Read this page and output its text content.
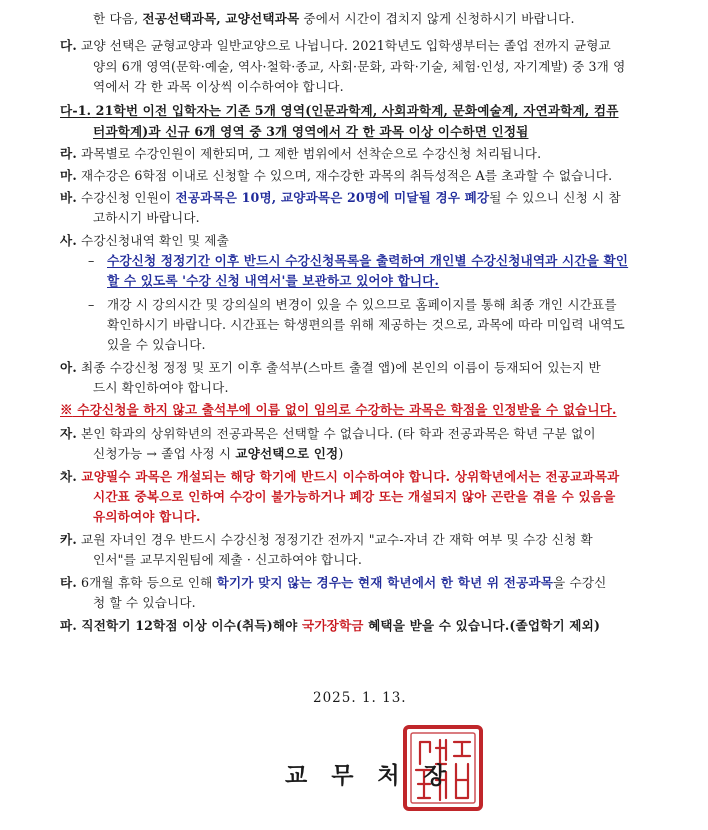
한 다음, 전공선택과목, 교양선택과목 중에서 시간이 겹치지 않게 신청하시기 바랍니다.
다. 교양 선택은 균형교양과 일반교양으로 나뉩니다. 2021학년도 입학생부터는 졸업 전까지 균형교
양의 6개 영역(문학·예술, 역사·철학·종교, 사회·문화, 과학·기술, 체험·인성, 자기계발) 중 3개 영
역에서 각 한 과목 이상씩 이수하여야 합니다.
다-1. 21학번 이전 입학자는 기존 5개 영역(인문과학계, 사회과학계, 문화예술계, 자연과학계, 컴퓨
터과학계)과 신규 6개 영역 중 3개 영역에서 각 한 과목 이상 이수하면 인정됨
라. 과목별로 수강인원이 제한되며, 그 제한 범위에서 선착순으로 수강신청 처리됩니다.
마. 재수강은 6학점 이내로 신청할 수 있으며, 재수강한 과목의 취득성적은 A를 초과할 수 없습니다.
바. 수강신청 인원이 전공과목은 10명, 교양과목은 20명에 미달될 경우 폐강될 수 있으니 신청 시 참
고하시기 바랍니다.
사. 수강신청내역 확인 및 제출
– 수강신청 정정기간 이후 반드시 수강신청목록을 출력하여 개인별 수강신청내역과 시간을 확인
할 수 있도록 '수강 신청 내역서'를 보관하고 있어야 합니다.
– 개강 시 강의시간 및 강의실의 변경이 있을 수 있으므로 홈페이지를 통해 최종 개인 시간표를
확인하시기 바랍니다. 시간표는 학생편의를 위해 제공하는 것으로, 과목에 따라 미입력 내역도
있을 수 있습니다.
아. 최종 수강신청 정정 및 포기 이후 출석부(스마트 출결 앱)에 본인의 이름이 등재되어 있는지 반
드시 확인하여야 합니다.
※ 수강신청을 하지 않고 출석부에 이름 없이 임의로 수강하는 과목은 학점을 인정받을 수 없습니다.
자. 본인 학과의 상위학년의 전공과목은 선택할 수 없습니다. (타 학과 전공과목은 학년 구분 없이
신청가능 → 졸업 사정 시 교양선택으로 인정)
차. 교양필수 과목은 개설되는 해당 학기에 반드시 이수하여야 합니다. 상위학년에서는 전공교과목과
시간표 중복으로 인하여 수강이 불가능하거나 폐강 또는 개설되지 않아 곤란을 겪을 수 있음을
유의하여야 합니다.
카. 교원 자녀인 경우 반드시 수강신청 정정기간 전까지 "교수-자녀 간 재학 여부 및 수강 신청 확
인서"를 교무지원팀에 제출 · 신고하여야 합니다.
타. 6개월 휴학 등으로 인해 학기가 맞지 않는 경우는 현재 학년에서 한 학년 위 전공과목을 수강신
청 할 수 있습니다.
파. 직전학기 12학점 이상 이수(취득)해야 국가장학금 혜택을 받을 수 있습니다.(졸업학기 제외)
2025. 1. 13.
교무처장
